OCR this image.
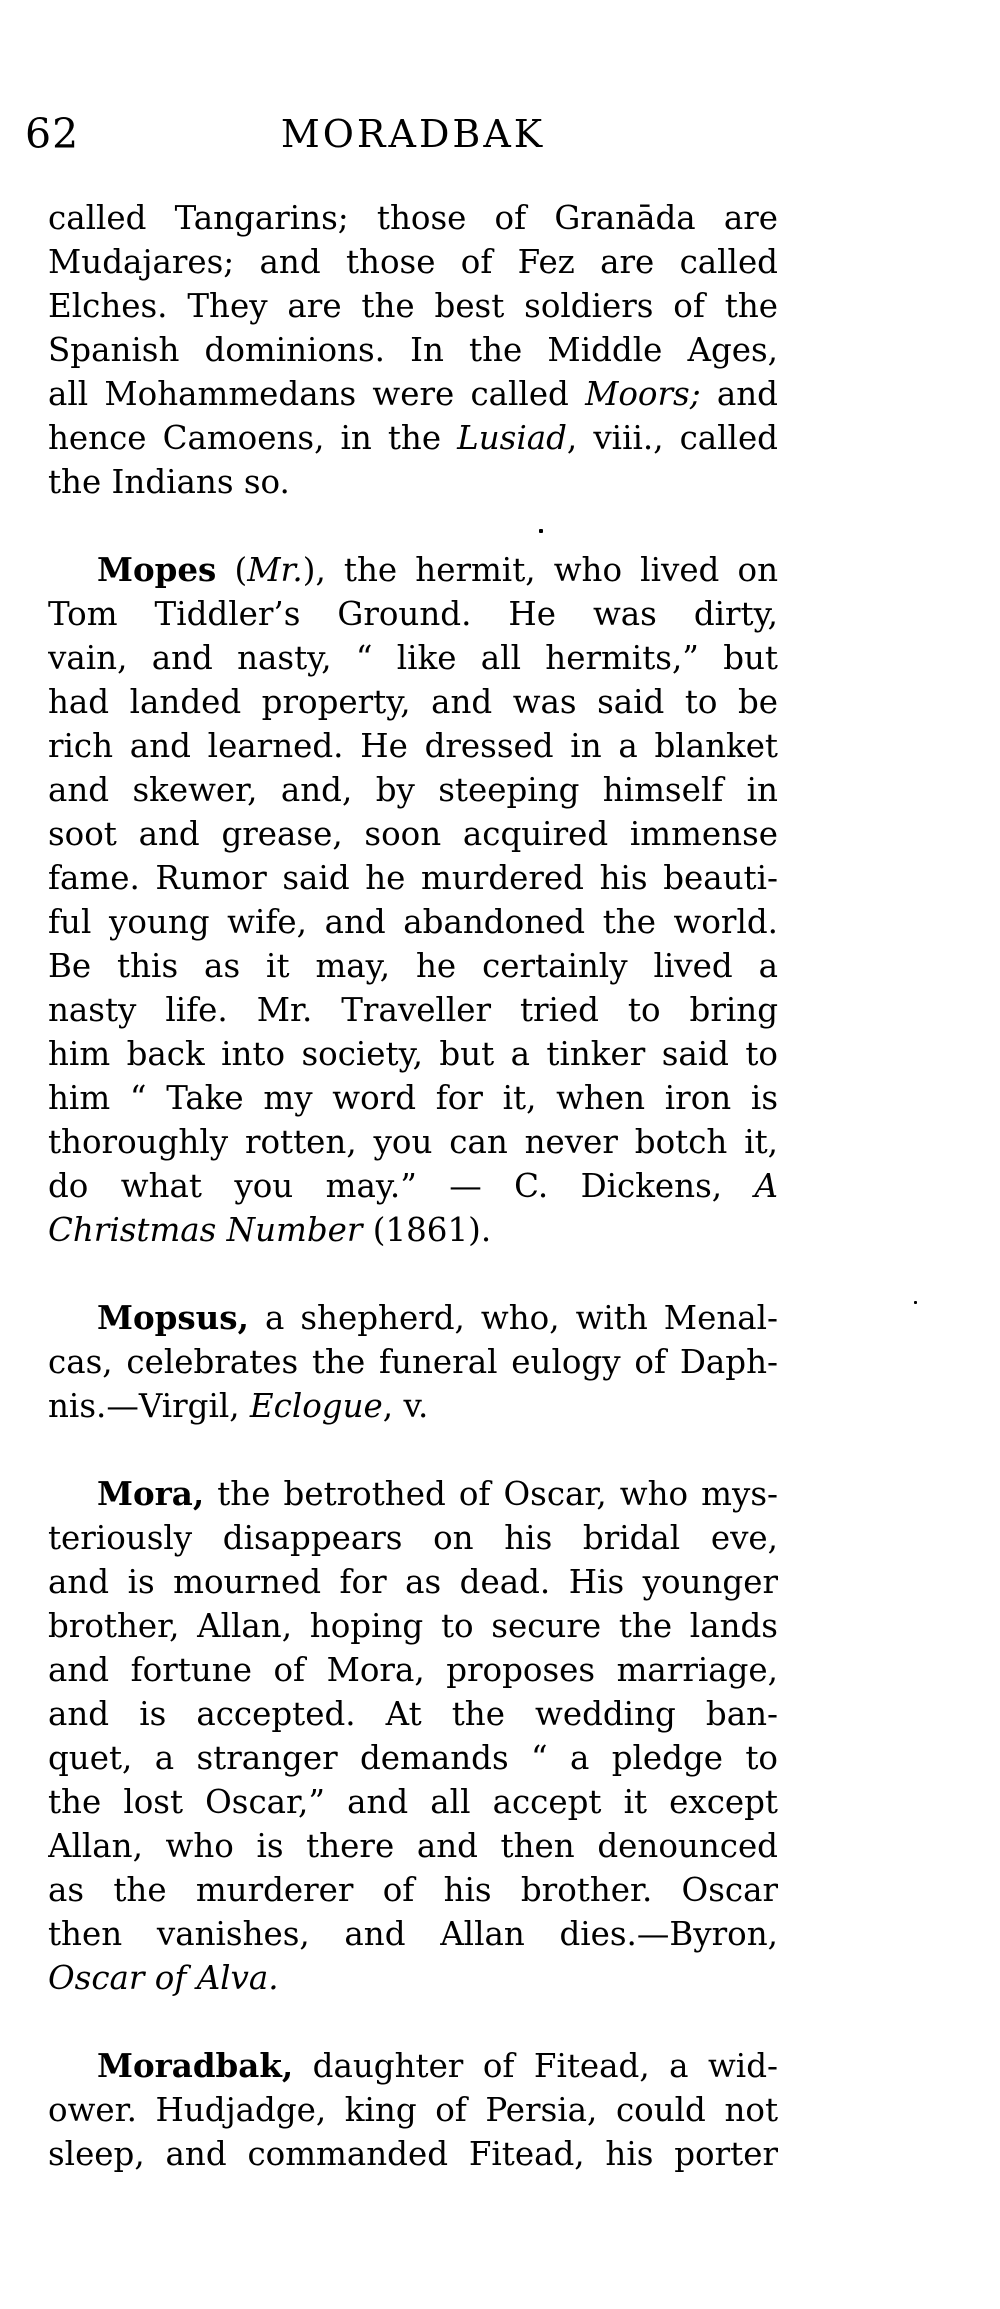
62	MORADBAK
called Tangarins; those of Granāda are
Mudajares; and those of Fez are called
Elches. They are the best soldiers of the
Spanish dominions. In the Middle Ages,
all Mohammedans were called Moors; and
hence Camoens, in the Lusiad, viii., called
the Indians so.
Mopes (Mr.), the hermit, who lived on
Tom Tiddler’s Ground. He was dirty,
vain, and nasty, “ like all hermits,” but
had landed property, and was said to be
rich and learned. He dressed in a blanket
and skewer, and, by steeping himself in
soot and grease, soon acquired immense
fame. Rumor said he murdered his beauti-
ful young wife, and abandoned the world.
Be this as it may, he certainly lived a
nasty life. Mr. Traveller tried to bring
him back into society, but a tinker said to
him “ Take my word for it, when iron is
thoroughly rotten, you can never botch it,
do what you may.” — C. Dickens, A
Christmas Number (1861).
Mopsus, a shepherd, who, with Menal-
cas, celebrates the funeral eulogy of Daph-
nis.—Virgil, Eclogue, v.
Mora, the betrothed of Oscar, who mys-
teriously disappears on his bridal eve,
and is mourned for as dead. His younger
brother, Allan, hoping to secure the lands
and fortune of Mora, proposes marriage,
and is accepted. At the wedding ban-
quet, a stranger demands “ a pledge to
the lost Oscar,” and all accept it except
Allan, who is there and then denounced
as the murderer of his brother. Oscar
then vanishes, and Allan dies.—Byron,
Oscar of Alva.
Moradbak, daughter of Fitead, a wid-
ower. Hudjadge, king of Persia, could not
sleep, and commanded Fitead, his porter
